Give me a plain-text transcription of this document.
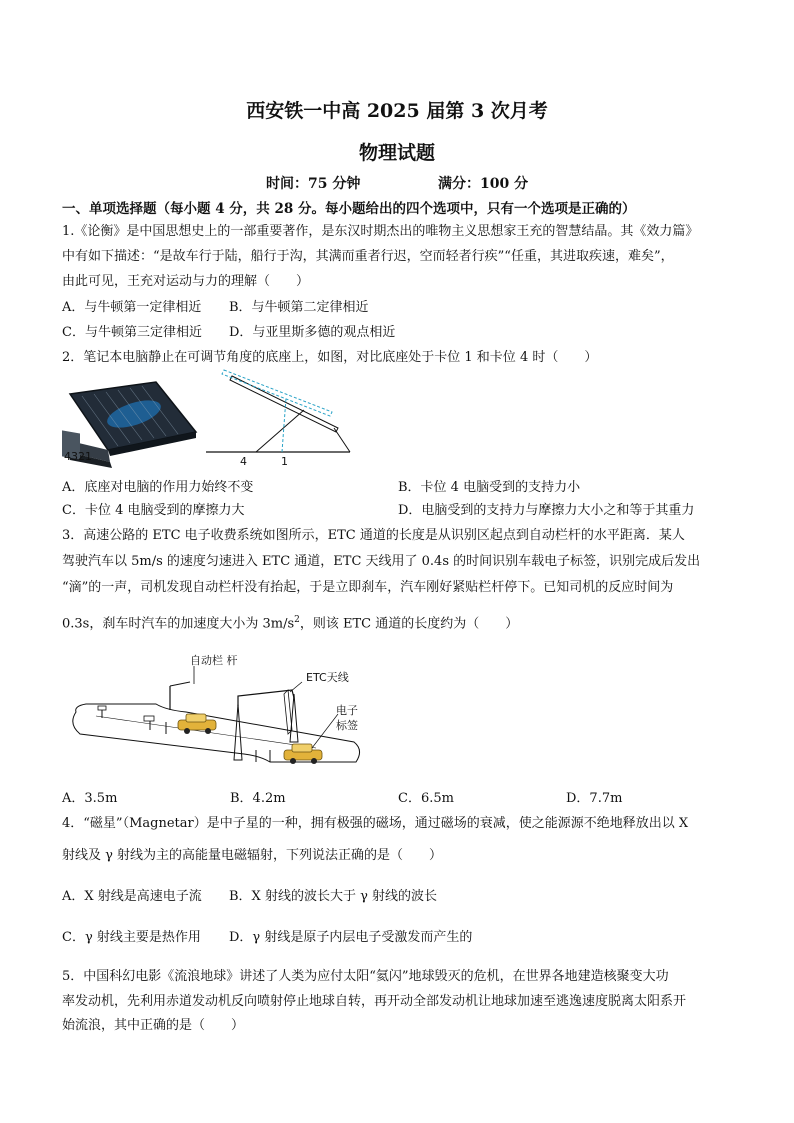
西安铁一中高 2025 届第 3 次月考
物理试题
时间：75 分钟	满分：100 分
一、单项选择题（每小题 4 分，共 28 分。每小题给出的四个选项中，只有一个选项是正确的）
1.《论衡》是中国思想史上的一部重要著作，是东汉时期杰出的唯物主义思想家王充的智慧结晶。其《效力篇》
中有如下描述：“是故车行于陆，船行于沟，其满而重者行迟，空而轻者行疾”“任重，其进取疾速，难矣”，
由此可见，王充对运动与力的理解（　　）
A．与牛顿第一定律相近 B．与牛顿第二定律相近
C．与牛顿第三定律相近 D．与亚里斯多德的观点相近
2．笔记本电脑静止在可调节角度的底座上，如图，对比底座处于卡位 1 和卡位 4 时（　　）
4321	4	1
A．底座对电脑的作用力始终不变	B．卡位 4 电脑受到的支持力小
C．卡位 4 电脑受到的摩擦力大	D．电脑受到的支持力与摩擦力大小之和等于其重力
3．高速公路的 ETC 电子收费系统如图所示，ETC 通道的长度是从识别区起点到自动栏杆的水平距离．某人
驾驶汽车以 5m/s 的速度匀速进入 ETC 通道，ETC 天线用了 0.4s 的时间识别车载电子标签，识别完成后发出
“滴”的一声，司机发现自动栏杆没有抬起，于是立即刹车，汽车刚好紧贴栏杆停下。已知司机的反应时间为
0.3s，刹车时汽车的加速度大小为 $3m/s^2$，则该 ETC 通道的长度约为（　　）
自动栏 杆
ETC天线
电子
标签
A．3.5m	B．4.2m	C．6.5m	D．7.7m
4．“磁星”（Magnetar）是中子星的一种，拥有极强的磁场，通过磁场的衰减，使之能源源不绝地释放出以 X
射线及 γ 射线为主的高能量电磁辐射，下列说法正确的是（　　）
A．X 射线是高速电子流 B．X 射线的波长大于 γ 射线的波长
C．γ 射线主要是热作用 D．γ 射线是原子内层电子受激发而产生的
5．中国科幻电影《流浪地球》讲述了人类为应付太阳“氦闪”地球毁灭的危机，在世界各地建造核聚变大功
率发动机，先利用赤道发动机反向喷射停止地球自转，再开动全部发动机让地球加速至逃逸速度脱离太阳系开
始流浪，其中正确的是（　　）
